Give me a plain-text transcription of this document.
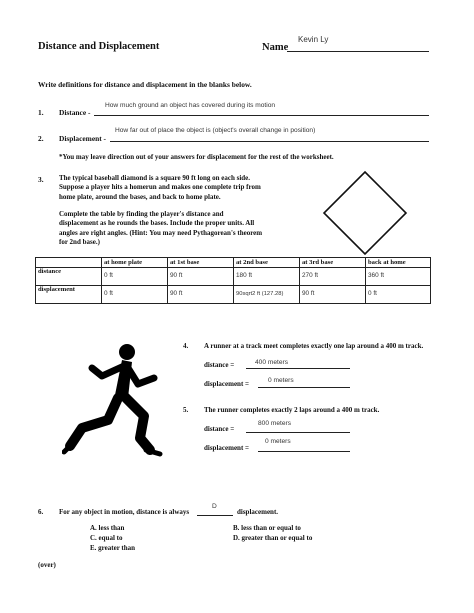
Distance and Displacement	Name
Kevin Ly
Write definitions for distance and displacement in the blanks below.
1. Distance -
How much ground an object has covered during its motion
2. Displacement -
How far out of place the object is (object's overall change in position)
*You may leave direction out of your answers for displacement for the rest of the worksheet.
3. The typical baseball diamond is a square 90 ft long on each side.
Suppose a player hits a homerun and makes one complete trip from
home plate, around the bases, and back to home plate.
Complete the table by finding the player's distance and
displacement as he rounds the bases. Include the proper units. All
angles are right angles. (Hint: You may need Pythagorean's theorem
for 2nd base.)
	at home plate	at 1st base	at 2nd base	at 3rd base	back at home
distance	0 ft	90 ft	180 ft	270 ft	360 ft
displacement	0 ft	90 ft	90sqrt2 ft (127.28)	90 ft	0 ft
4. A runner at a track meet completes exactly one lap around a 400 m track.
distance =	400 meters
displacement =	0 meters
5. The runner completes exactly 2 laps around a 400 m track.
distance =
800 meters
displacement =
0 meters
6. For any object in motion, distance is always
D
displacement.
A. less than	B. less than or equal to
C. equal to	D. greater than or equal to
E. greater than
(over)
